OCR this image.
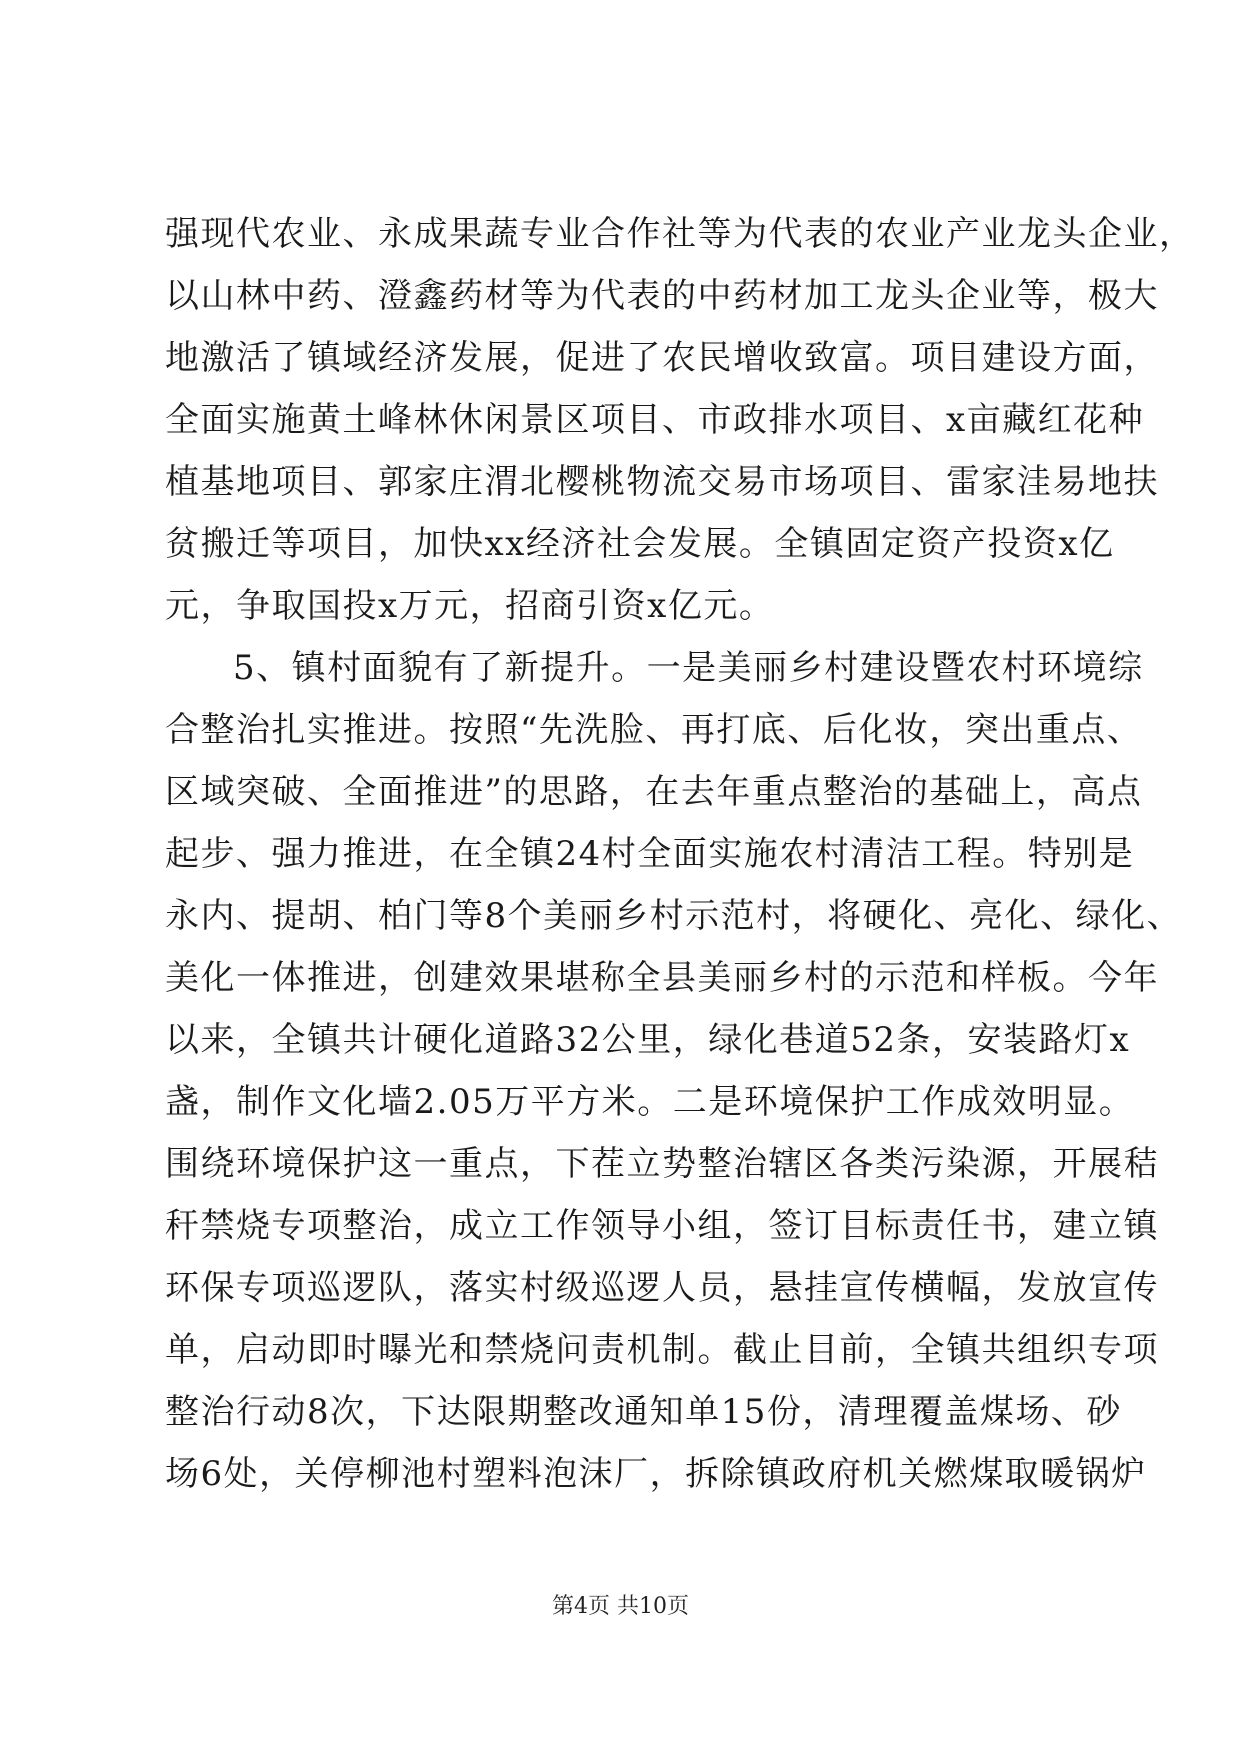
强现代农业、永成果蔬专业合作社等为代表的农业产业龙头企业，
以山林中药、澄鑫药材等为代表的中药材加工龙头企业等，极大
地激活了镇域经济发展，促进了农民增收致富。项目建设方面，
全面实施黄土峰林休闲景区项目、市政排水项目、x亩藏红花种
植基地项目、郭家庄渭北樱桃物流交易市场项目、雷家洼易地扶
贫搬迁等项目，加快xx经济社会发展。全镇固定资产投资x亿
元，争取国投x万元，招商引资x亿元。
5、镇村面貌有了新提升。一是美丽乡村建设暨农村环境综
合整治扎实推进。按照“先洗脸、再打底、后化妆，突出重点、
区域突破、全面推进”的思路，在去年重点整治的基础上，高点
起步、强力推进，在全镇24村全面实施农村清洁工程。特别是
永内、提胡、柏门等8个美丽乡村示范村，将硬化、亮化、绿化、
美化一体推进，创建效果堪称全县美丽乡村的示范和样板。今年
以来，全镇共计硬化道路32公里，绿化巷道52条，安装路灯x
盏，制作文化墙2.05万平方米。二是环境保护工作成效明显。
围绕环境保护这一重点，下茬立势整治辖区各类污染源，开展秸
秆禁烧专项整治，成立工作领导小组，签订目标责任书，建立镇
环保专项巡逻队，落实村级巡逻人员，悬挂宣传横幅，发放宣传
单，启动即时曝光和禁烧问责机制。截止目前，全镇共组织专项
整治行动8次，下达限期整改通知单15份，清理覆盖煤场、砂
场6处，关停柳池村塑料泡沫厂，拆除镇政府机关燃煤取暖锅炉
第4页 共10页
